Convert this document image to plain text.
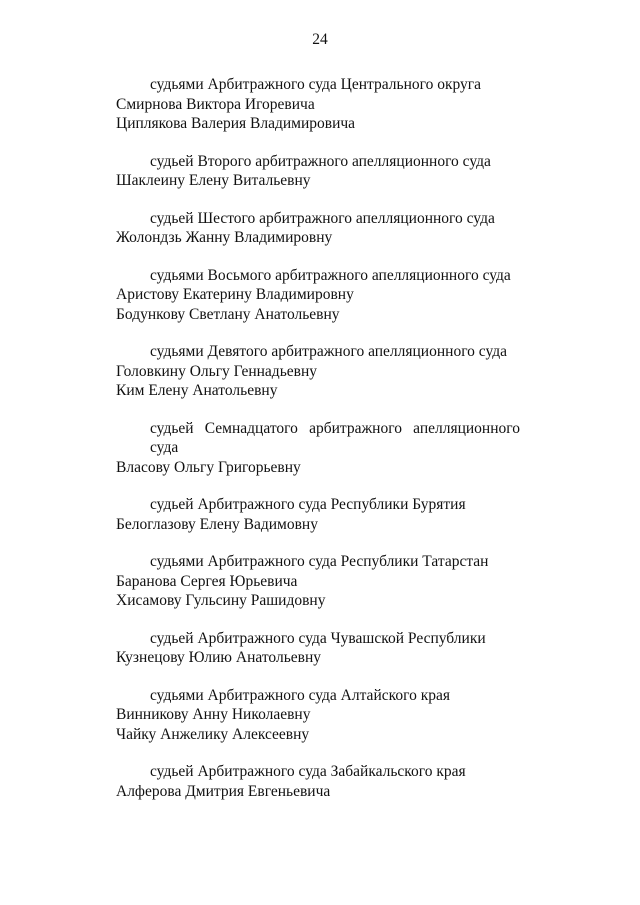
24

судьями Арбитражного суда Центрального округа

Смирнова Виктора Игоревича

Циплякова Валерия Владимировича

судьей Второго арбитражного апелляционного суда

Шаклеину Елену Витальевну

судьей Шестого арбитражного апелляционного суда

Жолондзь Жанну Владимировну

судьями Восьмого арбитражного апелляционного суда

Аристову Екатерину Владимировну

Бодункову Светлану Анатольевну

судьями Девятого арбитражного апелляционного суда

Головкину Ольгу Геннадьевну

Ким Елену Анатольевну

судьей Семнадцатого арбитражного апелляционного суда

Власову Ольгу Григорьевну

судьей Арбитражного суда Республики Бурятия

Белоглазову Елену Вадимовну

судьями Арбитражного суда Республики Татарстан

Баранова Сергея Юрьевича

Хисамову Гульсину Рашидовну

судьей Арбитражного суда Чувашской Республики

Кузнецову Юлию Анатольевну

судьями Арбитражного суда Алтайского края

Винникову Анну Николаевну

Чайку Анжелику Алексеевну

судьей Арбитражного суда Забайкальского края

Алферова Дмитрия Евгеньевича
